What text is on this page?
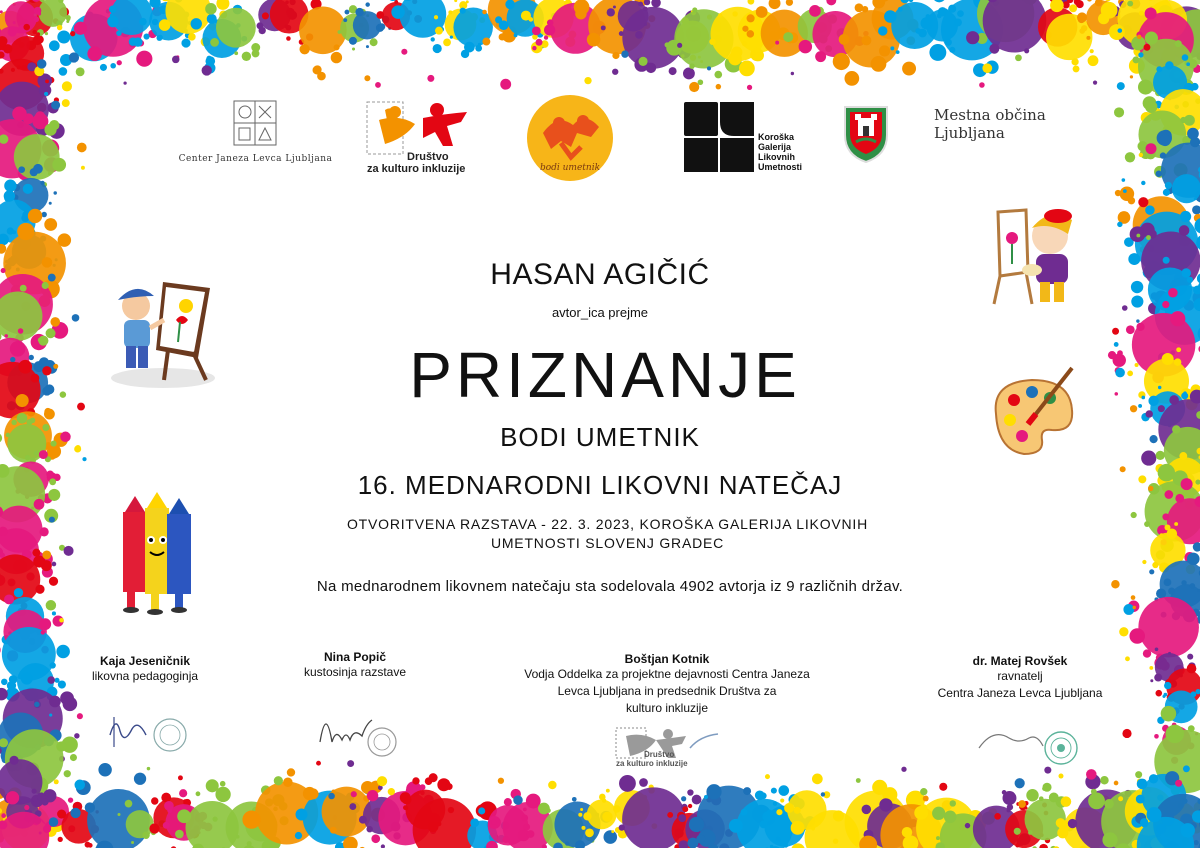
Center Janeza Levca Ljubljana	Društvo
za kulturo inkluzije	bodi umetnik
Koroška
Galerija
Likovnih
Umetnosti
Mestna občina
Ljubljana
HASAN AGIČIĆ
avtor_ica prejme
PRIZNANJE
BODI UMETNIK
16. MEDNARODNI LIKOVNI NATEČAJ
OTVORITVENA RAZSTAVA - 22. 3. 2023, KOROŠKA GALERIJA LIKOVNIH
UMETNOSTI SLOVENJ GRADEC
Na mednarodnem likovnem natečaju sta sodelovala 4902 avtorja iz 9 različnih držav.
Kaja Jeseničnik
likovna pedagoginja
Nina Popič
kustosinja razstave
Boštjan Kotnik
Vodja Oddelka za projektne dejavnosti Centra Janeza
Levca Ljubljana in predsednik Društva za
kulturo inkluzije
dr. Matej Rovšek
ravnatelj
Centra Janeza Levca Ljubljana
Društvo
za kulturo inkluzije
